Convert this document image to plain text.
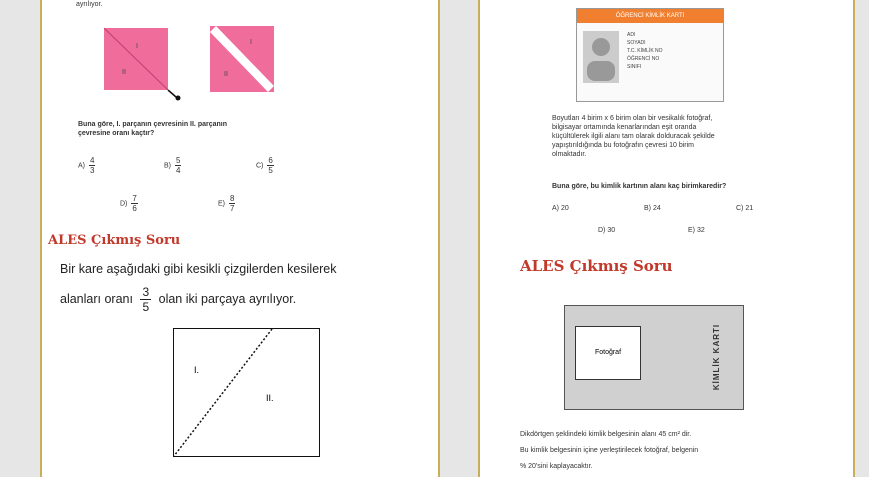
ayrılıyor.
I
II
I
II
Buna göre, I. parçanın çevresinin II. parçanın
çevresine oranı kaçtır?
$A) \frac{4}{3}$	$B) \frac{5}{4}$	$C) \frac{6}{5}$
$D) \frac{7}{6}$	$E) \frac{8}{7}$
ALES Çıkmış Soru
Bir kare aşağıdaki gibi kesikli çizgilerden kesilerek
alanları oranı $\frac{3}{5}$ olan iki parçaya ayrılıyor.
I.
II.
ÖĞRENCİ KİMLİK KARTI
ADI
SOYADI
T.C. KİMLİK NO
ÖĞRENCİ NO
SINIFI
Boyutları 4 birim x 6 birim olan bir vesikalık fotoğraf,
bilgisayar ortamında kenarlarından eşit oranda
küçültülerek ilgili alanı tam olarak dolduracak şekilde
yapıştırıldığında bu fotoğrafın çevresi 10 birim
olmaktadır.
Buna göre, bu kimlik kartının alanı kaç birimkaredir?
A) 20	B) 24	C) 21
D) 30	E) 32
ALES Çıkmış Soru
Fotoğraf	KİMLİK KARTI
Dikdörtgen şeklindeki kimlik belgesinin alanı 45 cm² dir.
Bu kimlik belgesinin içine yerleştirilecek fotoğraf, belgenin
% 20'sini kaplayacaktır.
